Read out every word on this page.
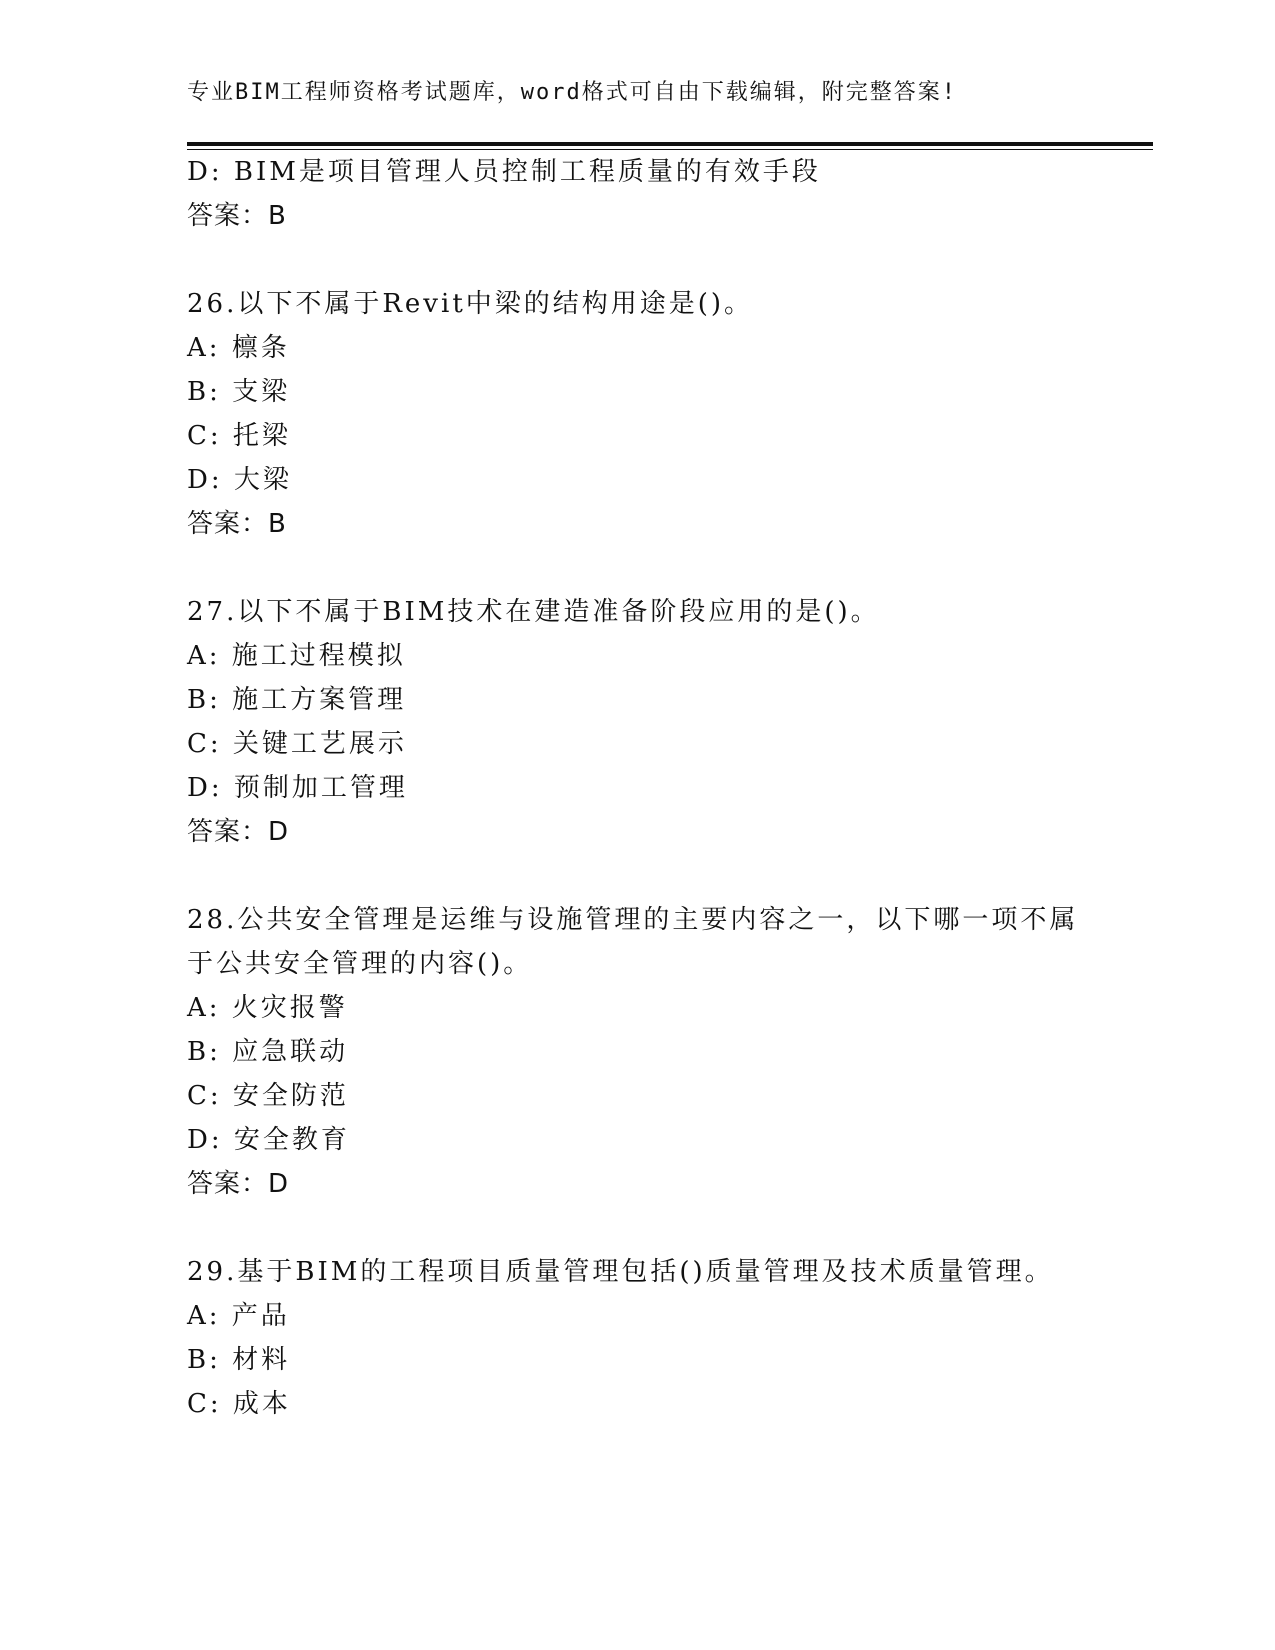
专业BIM工程师资格考试题库，word格式可自由下载编辑，附完整答案!
D: BIM是项目管理人员控制工程质量的有效手段
答案：B
26.以下不属于Revit中梁的结构用途是()。
A: 檩条
B: 支梁
C: 托梁
D: 大梁
答案：B
27.以下不属于BIM技术在建造准备阶段应用的是()。
A: 施工过程模拟
B: 施工方案管理
C: 关键工艺展示
D: 预制加工管理
答案：D
28.公共安全管理是运维与设施管理的主要内容之一，以下哪一项不属
于公共安全管理的内容()。
A: 火灾报警
B: 应急联动
C: 安全防范
D: 安全教育
答案：D
29.基于BIM的工程项目质量管理包括()质量管理及技术质量管理。
A: 产品
B: 材料
C: 成本
